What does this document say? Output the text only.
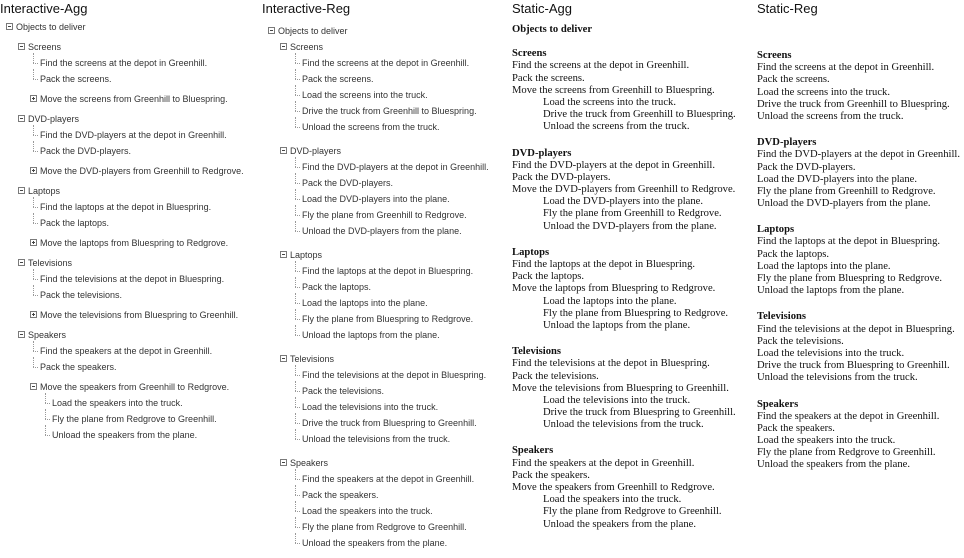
Interactive-Agg
Objects to deliver
Screens
Find the screens at the depot in Greenhill.
Pack the screens.
Move the screens from Greenhill to Bluespring.
DVD-players
Find the DVD-players at the depot in Greenhill.
Pack the DVD-players.
Move the DVD-players from Greenhill to Redgrove.
Laptops
Find the laptops at the depot in Bluespring.
Pack the laptops.
Move the laptops from Bluespring to Redgrove.
Televisions
Find the televisions at the depot in Bluespring.
Pack the televisions.
Move the televisions from Bluespring to Greenhill.
Speakers
Find the speakers at the depot in Greenhill.
Pack the speakers.
Move the speakers from Greenhill to Redgrove.
Load the speakers into the truck.
Fly the plane from Redgrove to Greenhill.
Unload the speakers from the plane.
Interactive-Reg
Objects to deliver
Screens
Find the screens at the depot in Greenhill.
Pack the screens.
Load the screens into the truck.
Drive the truck from Greenhill to Bluespring.
Unload the screens from the truck.
DVD-players
Find the DVD-players at the depot in Greenhill.
Pack the DVD-players.
Load the DVD-players into the plane.
Fly the plane from Greenhill to Redgrove.
Unload the DVD-players from the plane.
Laptops
Find the laptops at the depot in Bluespring.
Pack the laptops.
Load the laptops into the plane.
Fly the plane from Bluespring to Redgrove.
Unload the laptops from the plane.
Televisions
Find the televisions at the depot in Bluespring.
Pack the televisions.
Load the televisions into the truck.
Drive the truck from Bluespring to Greenhill.
Unload the televisions from the truck.
Speakers
Find the speakers at the depot in Greenhill.
Pack the speakers.
Load the speakers into the truck.
Fly the plane from Redgrove to Greenhill.
Unload the speakers from the plane.
Static-Agg
Objects to deliver
Screens
Find the screens at the depot in Greenhill.
Pack the screens.
Move the screens from Greenhill to Bluespring.
Load the screens into the truck.
Drive the truck from Greenhill to Bluespring.
Unload the screens from the truck.
DVD-players
Find the DVD-players at the depot in Greenhill.
Pack the DVD-players.
Move the DVD-players from Greenhill to Redgrove.
Load the DVD-players into the plane.
Fly the plane from Greenhill to Redgrove.
Unload the DVD-players from the plane.
Laptops
Find the laptops at the depot in Bluespring.
Pack the laptops.
Move the laptops from Bluespring to Redgrove.
Load the laptops into the plane.
Fly the plane from Bluespring to Redgrove.
Unload the laptops from the plane.
Televisions
Find the televisions at the depot in Bluespring.
Pack the televisions.
Move the televisions from Bluespring to Greenhill.
Load the televisions into the truck.
Drive the truck from Bluespring to Greenhill.
Unload the televisions from the truck.
Speakers
Find the speakers at the depot in Greenhill.
Pack the speakers.
Move the speakers from Greenhill to Redgrove.
Load the speakers into the truck.
Fly the plane from Redgrove to Greenhill.
Unload the speakers from the plane.
Static-Reg
Screens
Find the screens at the depot in Greenhill.
Pack the screens.
Load the screens into the truck.
Drive the truck from Greenhill to Bluespring.
Unload the screens from the truck.
DVD-players
Find the DVD-players at the depot in Greenhill.
Pack the DVD-players.
Load the DVD-players into the plane.
Fly the plane from Greenhill to Redgrove.
Unload the DVD-players from the plane.
Laptops
Find the laptops at the depot in Bluespring.
Pack the laptops.
Load the laptops into the plane.
Fly the plane from Bluespring to Redgrove.
Unload the laptops from the plane.
Televisions
Find the televisions at the depot in Bluespring.
Pack the televisions.
Load the televisions into the truck.
Drive the truck from Bluespring to Greenhill.
Unload the televisions from the truck.
Speakers
Find the speakers at the depot in Greenhill.
Pack the speakers.
Load the speakers into the truck.
Fly the plane from Redgrove to Greenhill.
Unload the speakers from the plane.
